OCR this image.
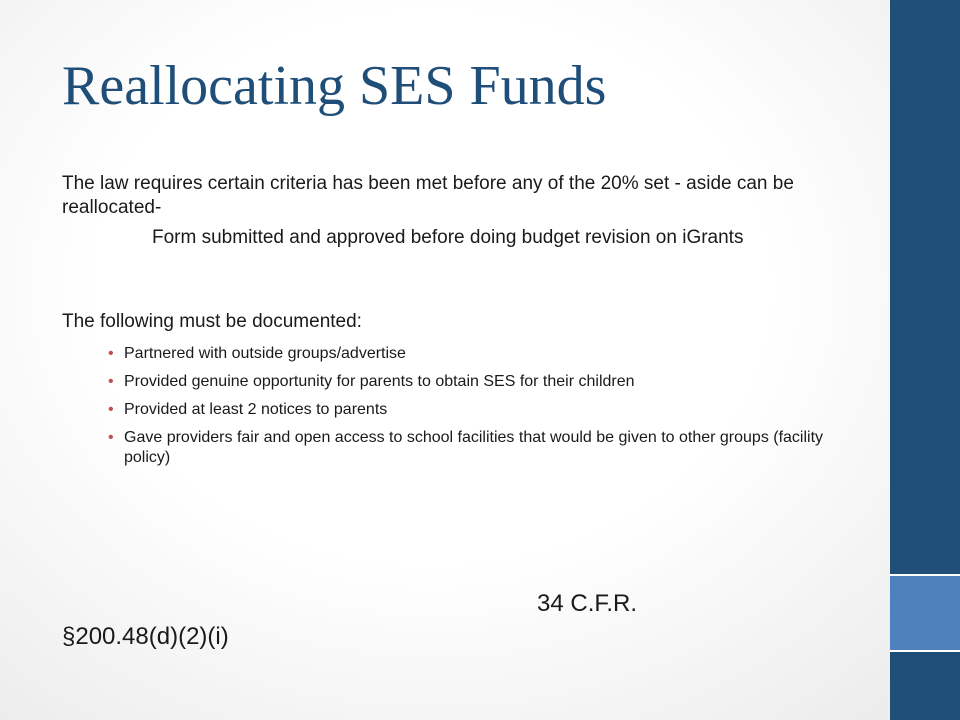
Reallocating SES Funds

The law requires certain criteria has been met before any of the 20% set - aside can be reallocated-

Form submitted and approved before doing budget revision on iGrants

The following must be documented:

• Partnered with outside groups/advertise
• Provided genuine opportunity for parents to obtain SES for their children
• Provided at least 2 notices to parents
• Gave providers fair and open access to school facilities that would be given to other groups (facility policy)
34 C.F.R.
§200.48(d)(2)(i)
